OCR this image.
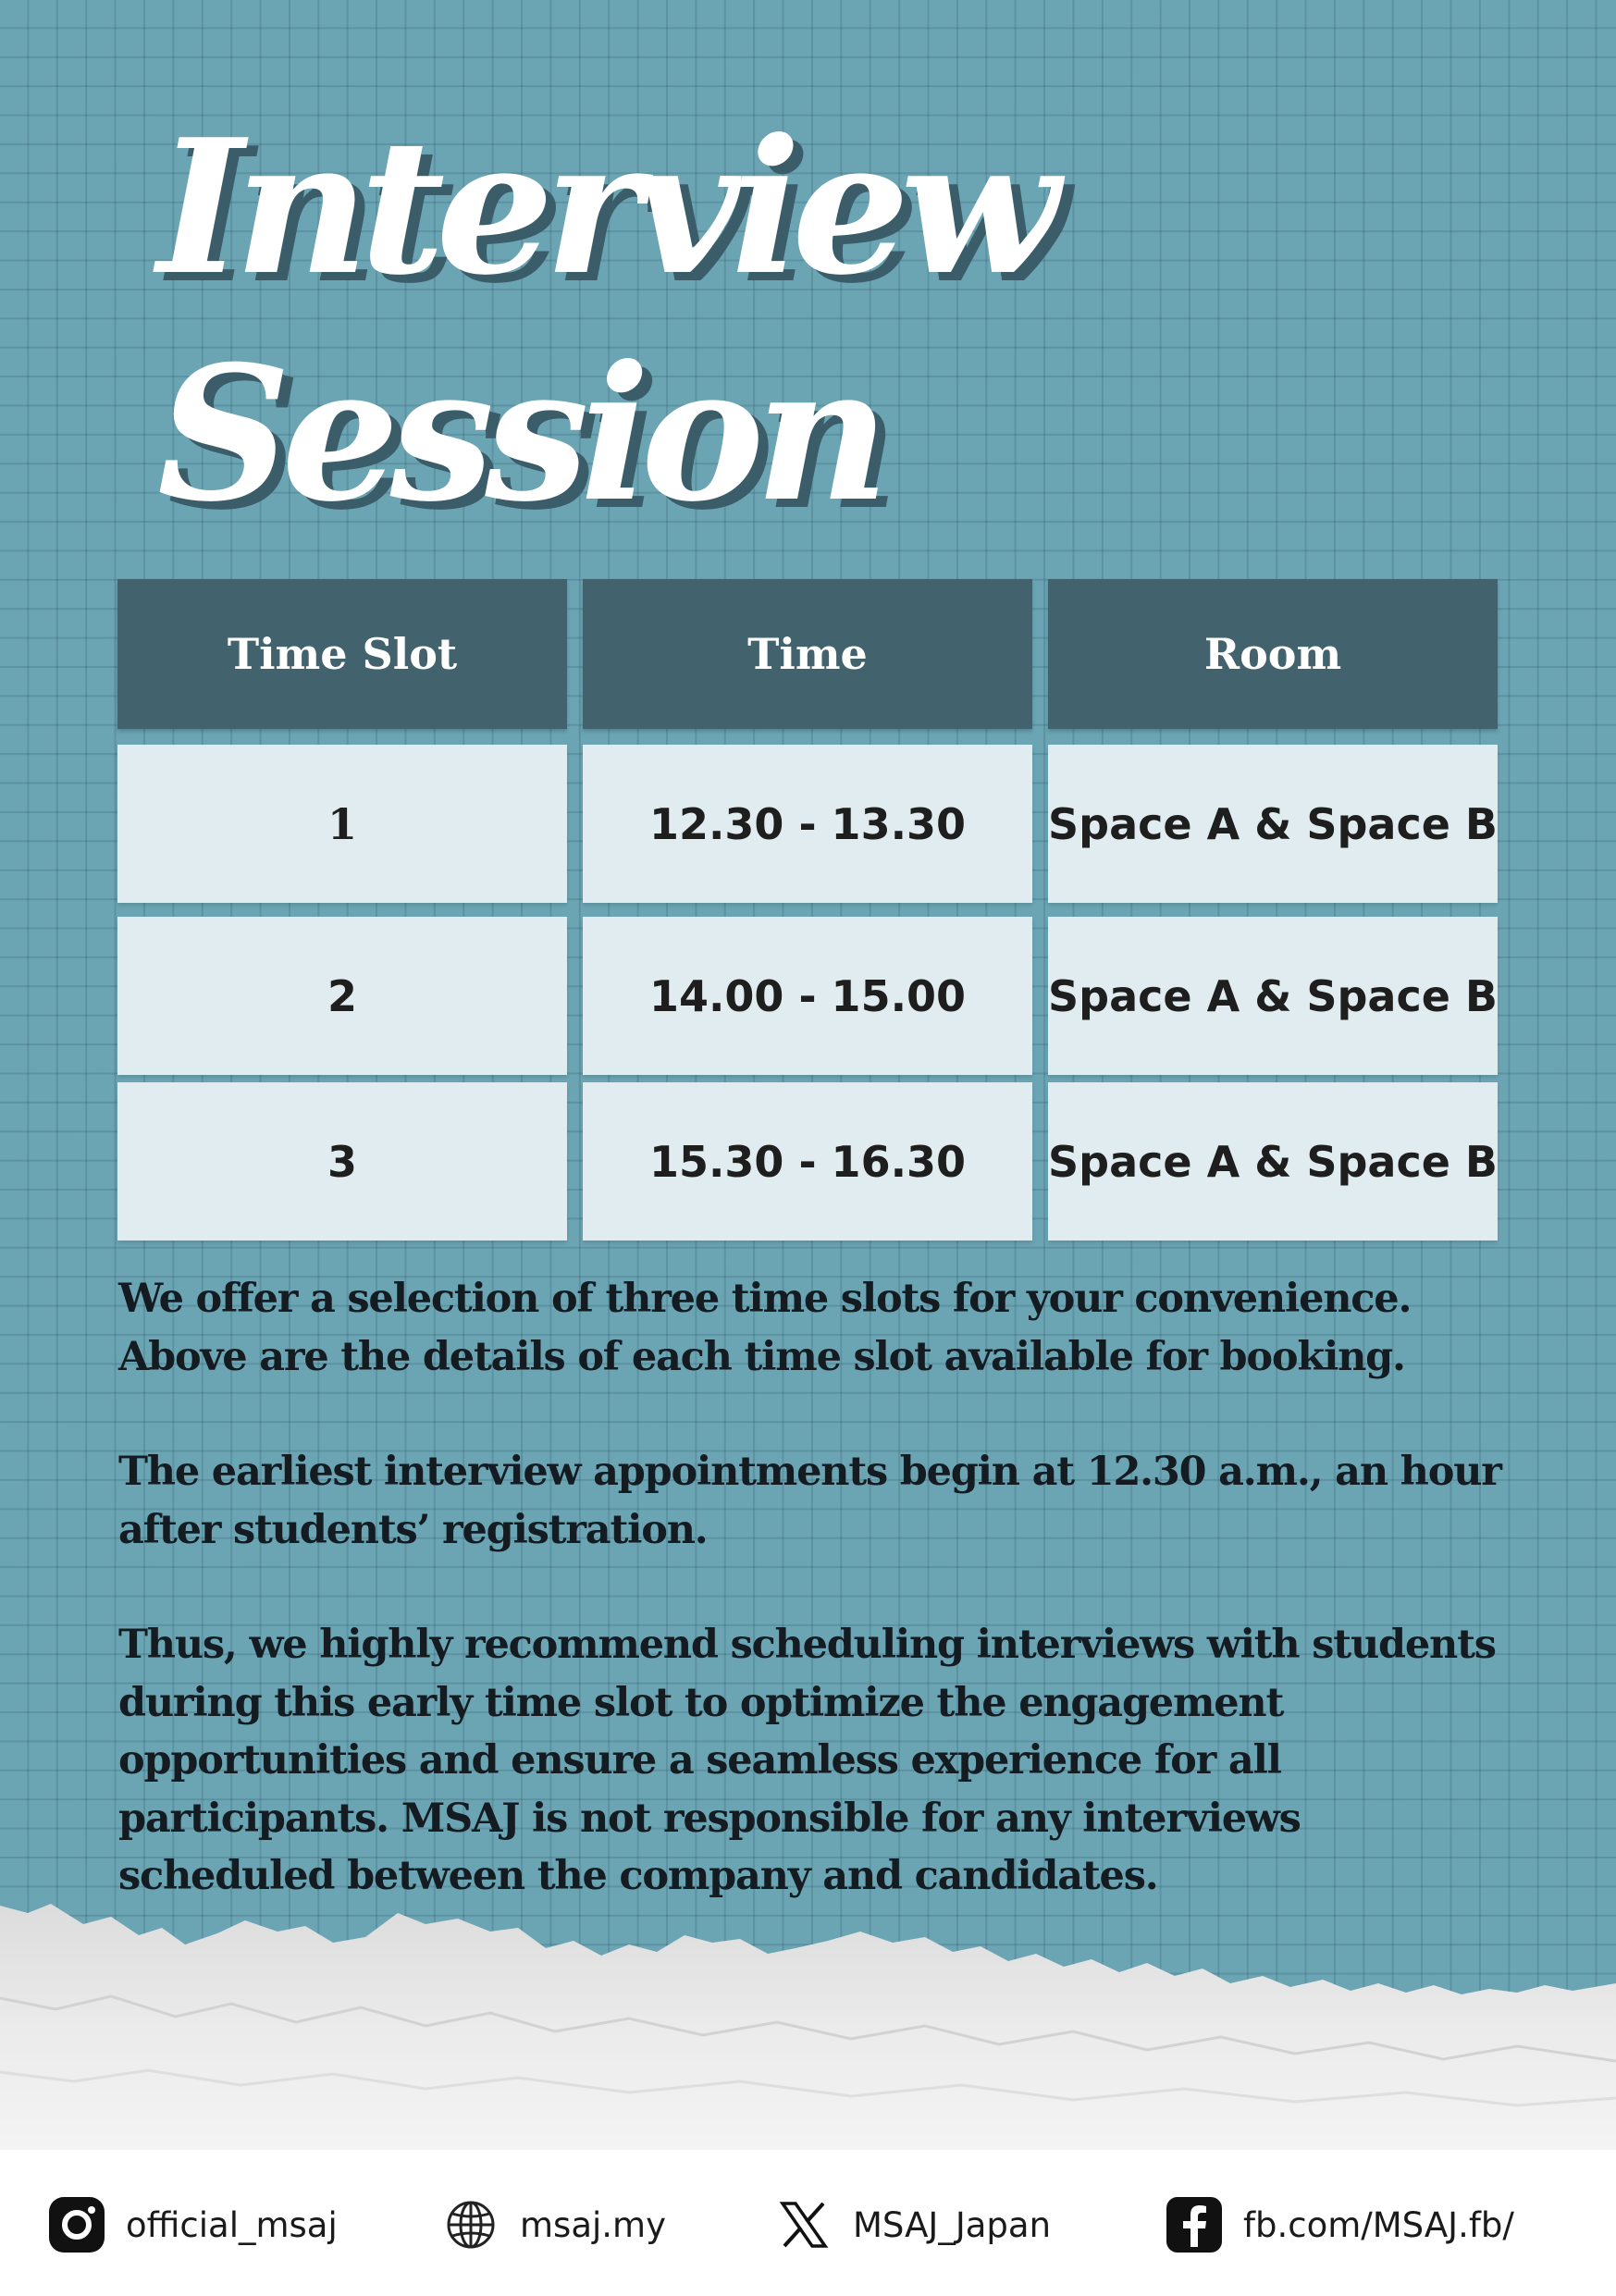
Interview
Session
Time Slot	Time	Room
1	12.30 - 13.30	Space A & Space B
2	14.00 - 15.00	Space A & Space B
3	15.30 - 16.30	Space A & Space B

We offer a selection of three time slots for your convenience. Above are the details of each time slot available for booking.

The earliest interview appointments begin at 12.30 a.m., an hour after students’ registration.

Thus, we highly recommend scheduling interviews with students during this early time slot to optimize the engagement opportunities and ensure a seamless experience for all participants. MSAJ is not responsible for any interviews scheduled between the company and candidates.

official_msaj	msaj.my	MSAJ_Japan	fb.com/MSAJ.fb/
